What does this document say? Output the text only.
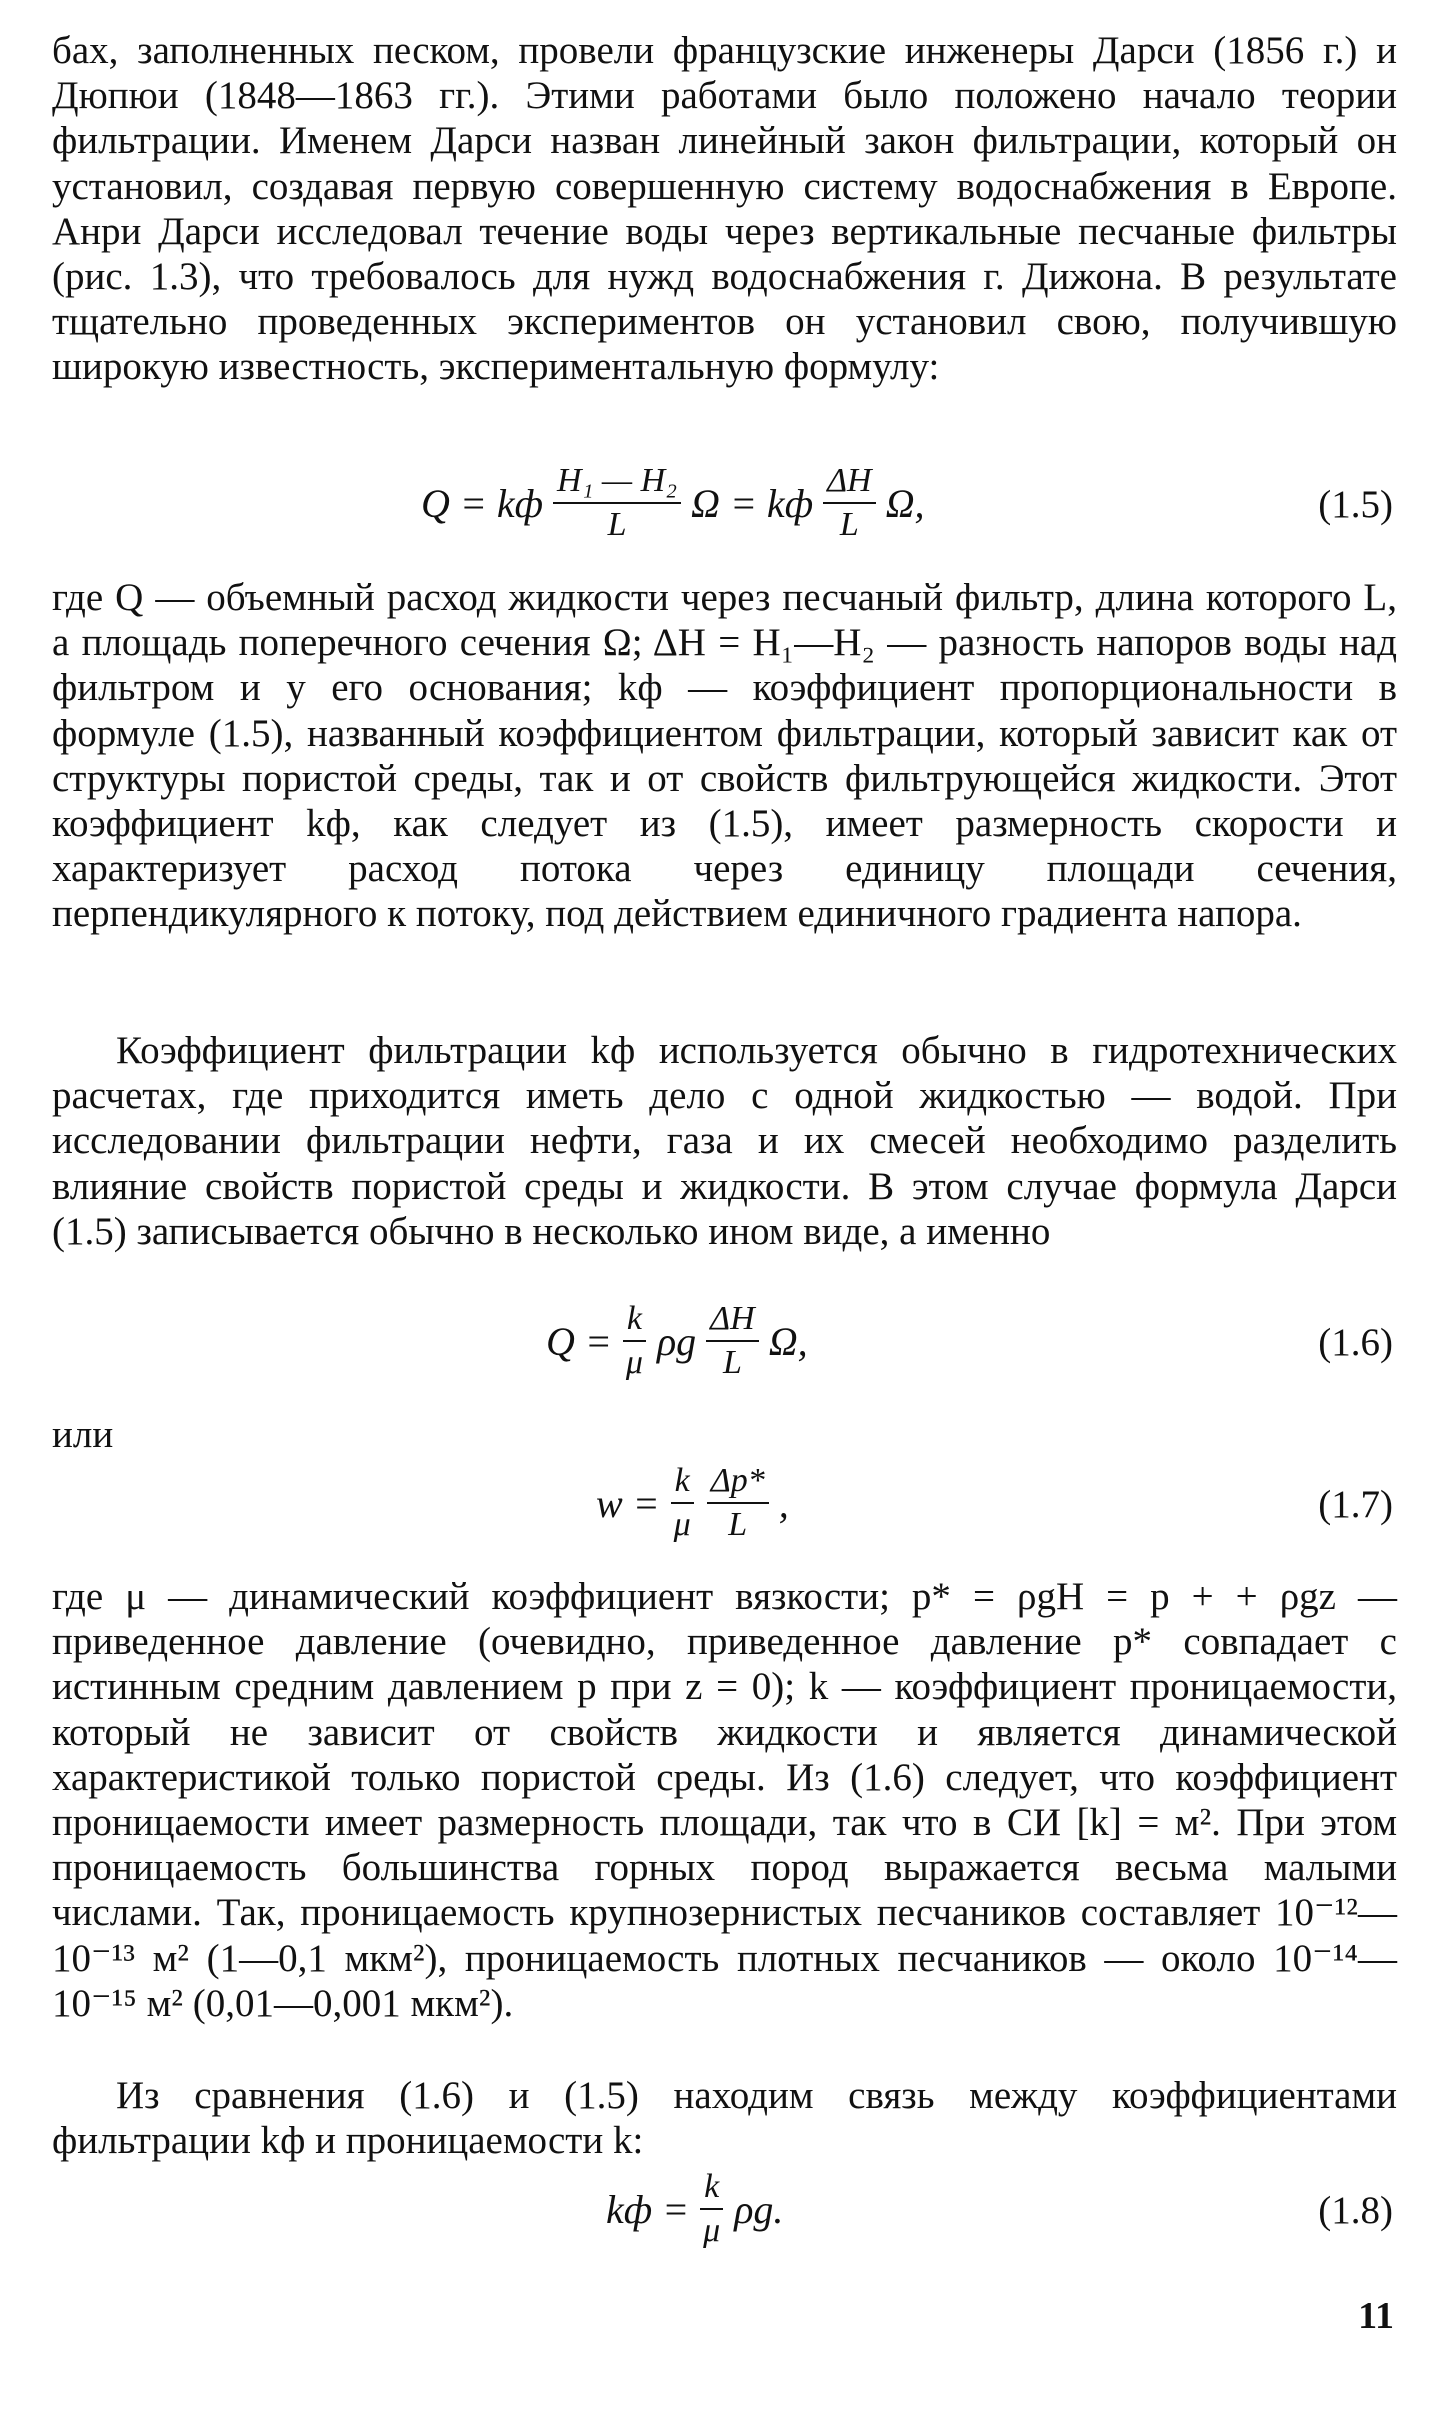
бах, заполненных песком, провели французские инженеры Дарси (1856 г.) и Дюпюи (1848—1863 гг.). Этими работами было положено начало теории фильтрации. Именем Дарси назван линейный закон фильтрации, который он установил, создавая первую совершенную систему водоснабжения в Европе. Анри Дарси исследовал течение воды через вертикальные песчаные фильтры (рис. 1.3), что требовалось для нужд водоснабжения г. Дижона. В результате тщательно проведенных экспериментов он установил свою, получившую широкую известность, экспериментальную формулу:

Q = kф $\frac{\text{H₁ — H₂}}{L}$ Ω = kф $\frac{\Delta H}{L} \Omega$,	(1.5)

где Q — объемный расход жидкости через песчаный фильтр, длина которого L, а площадь поперечного сечения Ω; ΔH = H₁—H₂ — разность напоров воды над фильтром и у его основания; kф — коэффициент пропорциональности в формуле (1.5), названный коэффициентом фильтрации, который зависит как от структуры пористой среды, так и от свойств фильтрующейся жидкости. Этот коэффициент kф, как следует из (1.5), имеет размерность скорости и характеризует расход потока через единицу площади сечения, перпендикулярного к потоку, под действием единичного градиента напора.

Коэффициент фильтрации kф используется обычно в гидротехнических расчетах, где приходится иметь дело с одной жидкостью — водой. При исследовании фильтрации нефти, газа и их смесей необходимо разделить влияние свойств пористой среды и жидкости. В этом случае формула Дарси (1.5) записывается обычно в несколько ином виде, а именно

$Q = \frac{k}{\mu}$ ρg $\frac{\Delta H}{L} \Omega$,	(1.6)
или
$w = \frac{k}{\mu} \frac{\Delta p*}{L}$ ,	(1.7)

где μ — динамический коэффициент вязкости; p* = ρgH = p + + ρgz — приведенное давление (очевидно, приведенное давление p* совпадает с истинным средним давлением p при z = 0); k — коэффициент проницаемости, который не зависит от свойств жидкости и является динамической характеристикой только пористой среды. Из (1.6) следует, что коэффициент проницаемости имеет размерность площади, так что в СИ [k] = м². При этом проницаемость большинства горных пород выражается весьма малыми числами. Так, проницаемость крупнозернистых песчаников составляет 10⁻¹²—10⁻¹³ м² (1—0,1 мкм²), проницаемость плотных песчаников — около 10⁻¹⁴—10⁻¹⁵ м² (0,01—0,001 мкм²).

Из сравнения (1.6) и (1.5) находим связь между коэффициентами фильтрации kф и проницаемости k:

kф = $\frac{k}{\mu} \rho g$.	(1.8)
11
